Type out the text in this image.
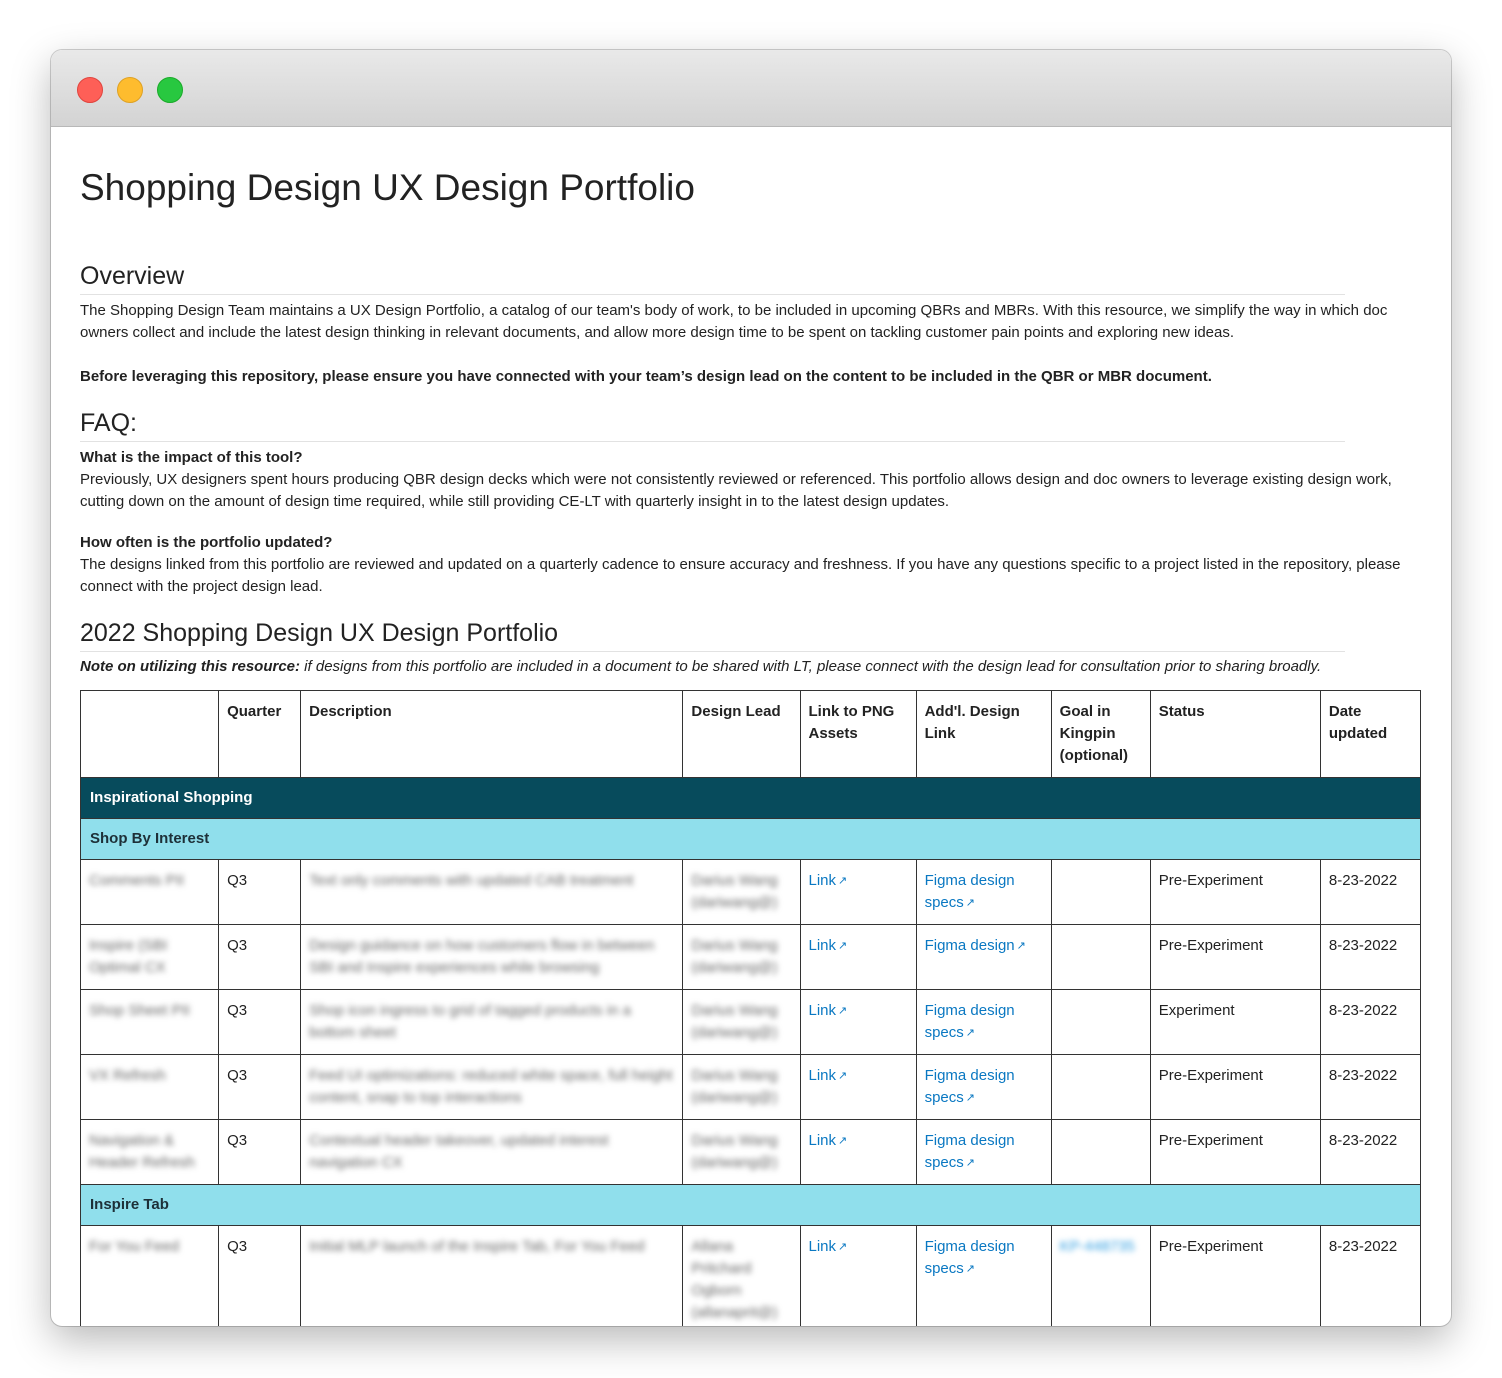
Shopping Design UX Design Portfolio
Overview

The Shopping Design Team maintains a UX Design Portfolio, a catalog of our team's body of work, to be included in upcoming QBRs and MBRs. With this resource, we simplify the way in which doc owners collect and include the latest design thinking in relevant documents, and allow more design time to be spent on tackling customer pain points and exploring new ideas.

Before leveraging this repository, please ensure you have connected with your team’s design lead on the content to be included in the QBR or MBR document.

FAQ:

What is the impact of this tool?

Previously, UX designers spent hours producing QBR design decks which were not consistently reviewed or referenced. This portfolio allows design and doc owners to leverage existing design work, cutting down on the amount of design time required, while still providing CE-LT with quarterly insight in to the latest design updates.

How often is the portfolio updated?

The designs linked from this portfolio are reviewed and updated on a quarterly cadence to ensure accuracy and freshness. If you have any questions specific to a project listed in the repository, please connect with the project design lead.

2022 Shopping Design UX Design Portfolio

Note on utilizing this resource: if designs from this portfolio are included in a document to be shared with LT, please connect with the design lead for consultation prior to sharing broadly.

	Quarter	Description	Design Lead	Link to PNG Assets	Add'l. Design Link	Goal in Kingpin (optional)	Status	Date updated
Inspirational Shopping								
Shop By Interest								
Comments PII	Q3	Text only comments with updated CAB treatment	Darius Wang (dariwang@)	Link ↗	Figma design specs ↗		Pre-Experiment	8-23-2022
Inspire (SBI Optimal CX	Q3	Design guidance on how customers flow in between SBI and Inspire experiences while browsing	Darius Wang (dariwang@)	Link ↗	Figma design ↗		Pre-Experiment	8-23-2022
Shop Sheet PII	Q3	Shop icon ingress to grid of tagged products in a bottom sheet	Darius Wang (dariwang@)	Link ↗	Figma design specs ↗		Experiment	8-23-2022
VX Refresh	Q3	Feed UI optimizations: reduced white space, full height content, snap to top interactions	Darius Wang (dariwang@)	Link ↗	Figma design specs ↗		Pre-Experiment	8-23-2022
Navigation & Header Refresh	Q3	Contextual header takeover, updated interest navigation CX	Darius Wang (dariwang@)	Link ↗	Figma design specs ↗		Pre-Experiment	8-23-2022
Inspire Tab								
For You Feed	Q3	Initial MLP launch of the Inspire Tab, For You Feed	Allana Pritchard Ogborn (allanaprit@)	Link ↗	Figma design specs ↗	KP-448735	Pre-Experiment	8-23-2022
